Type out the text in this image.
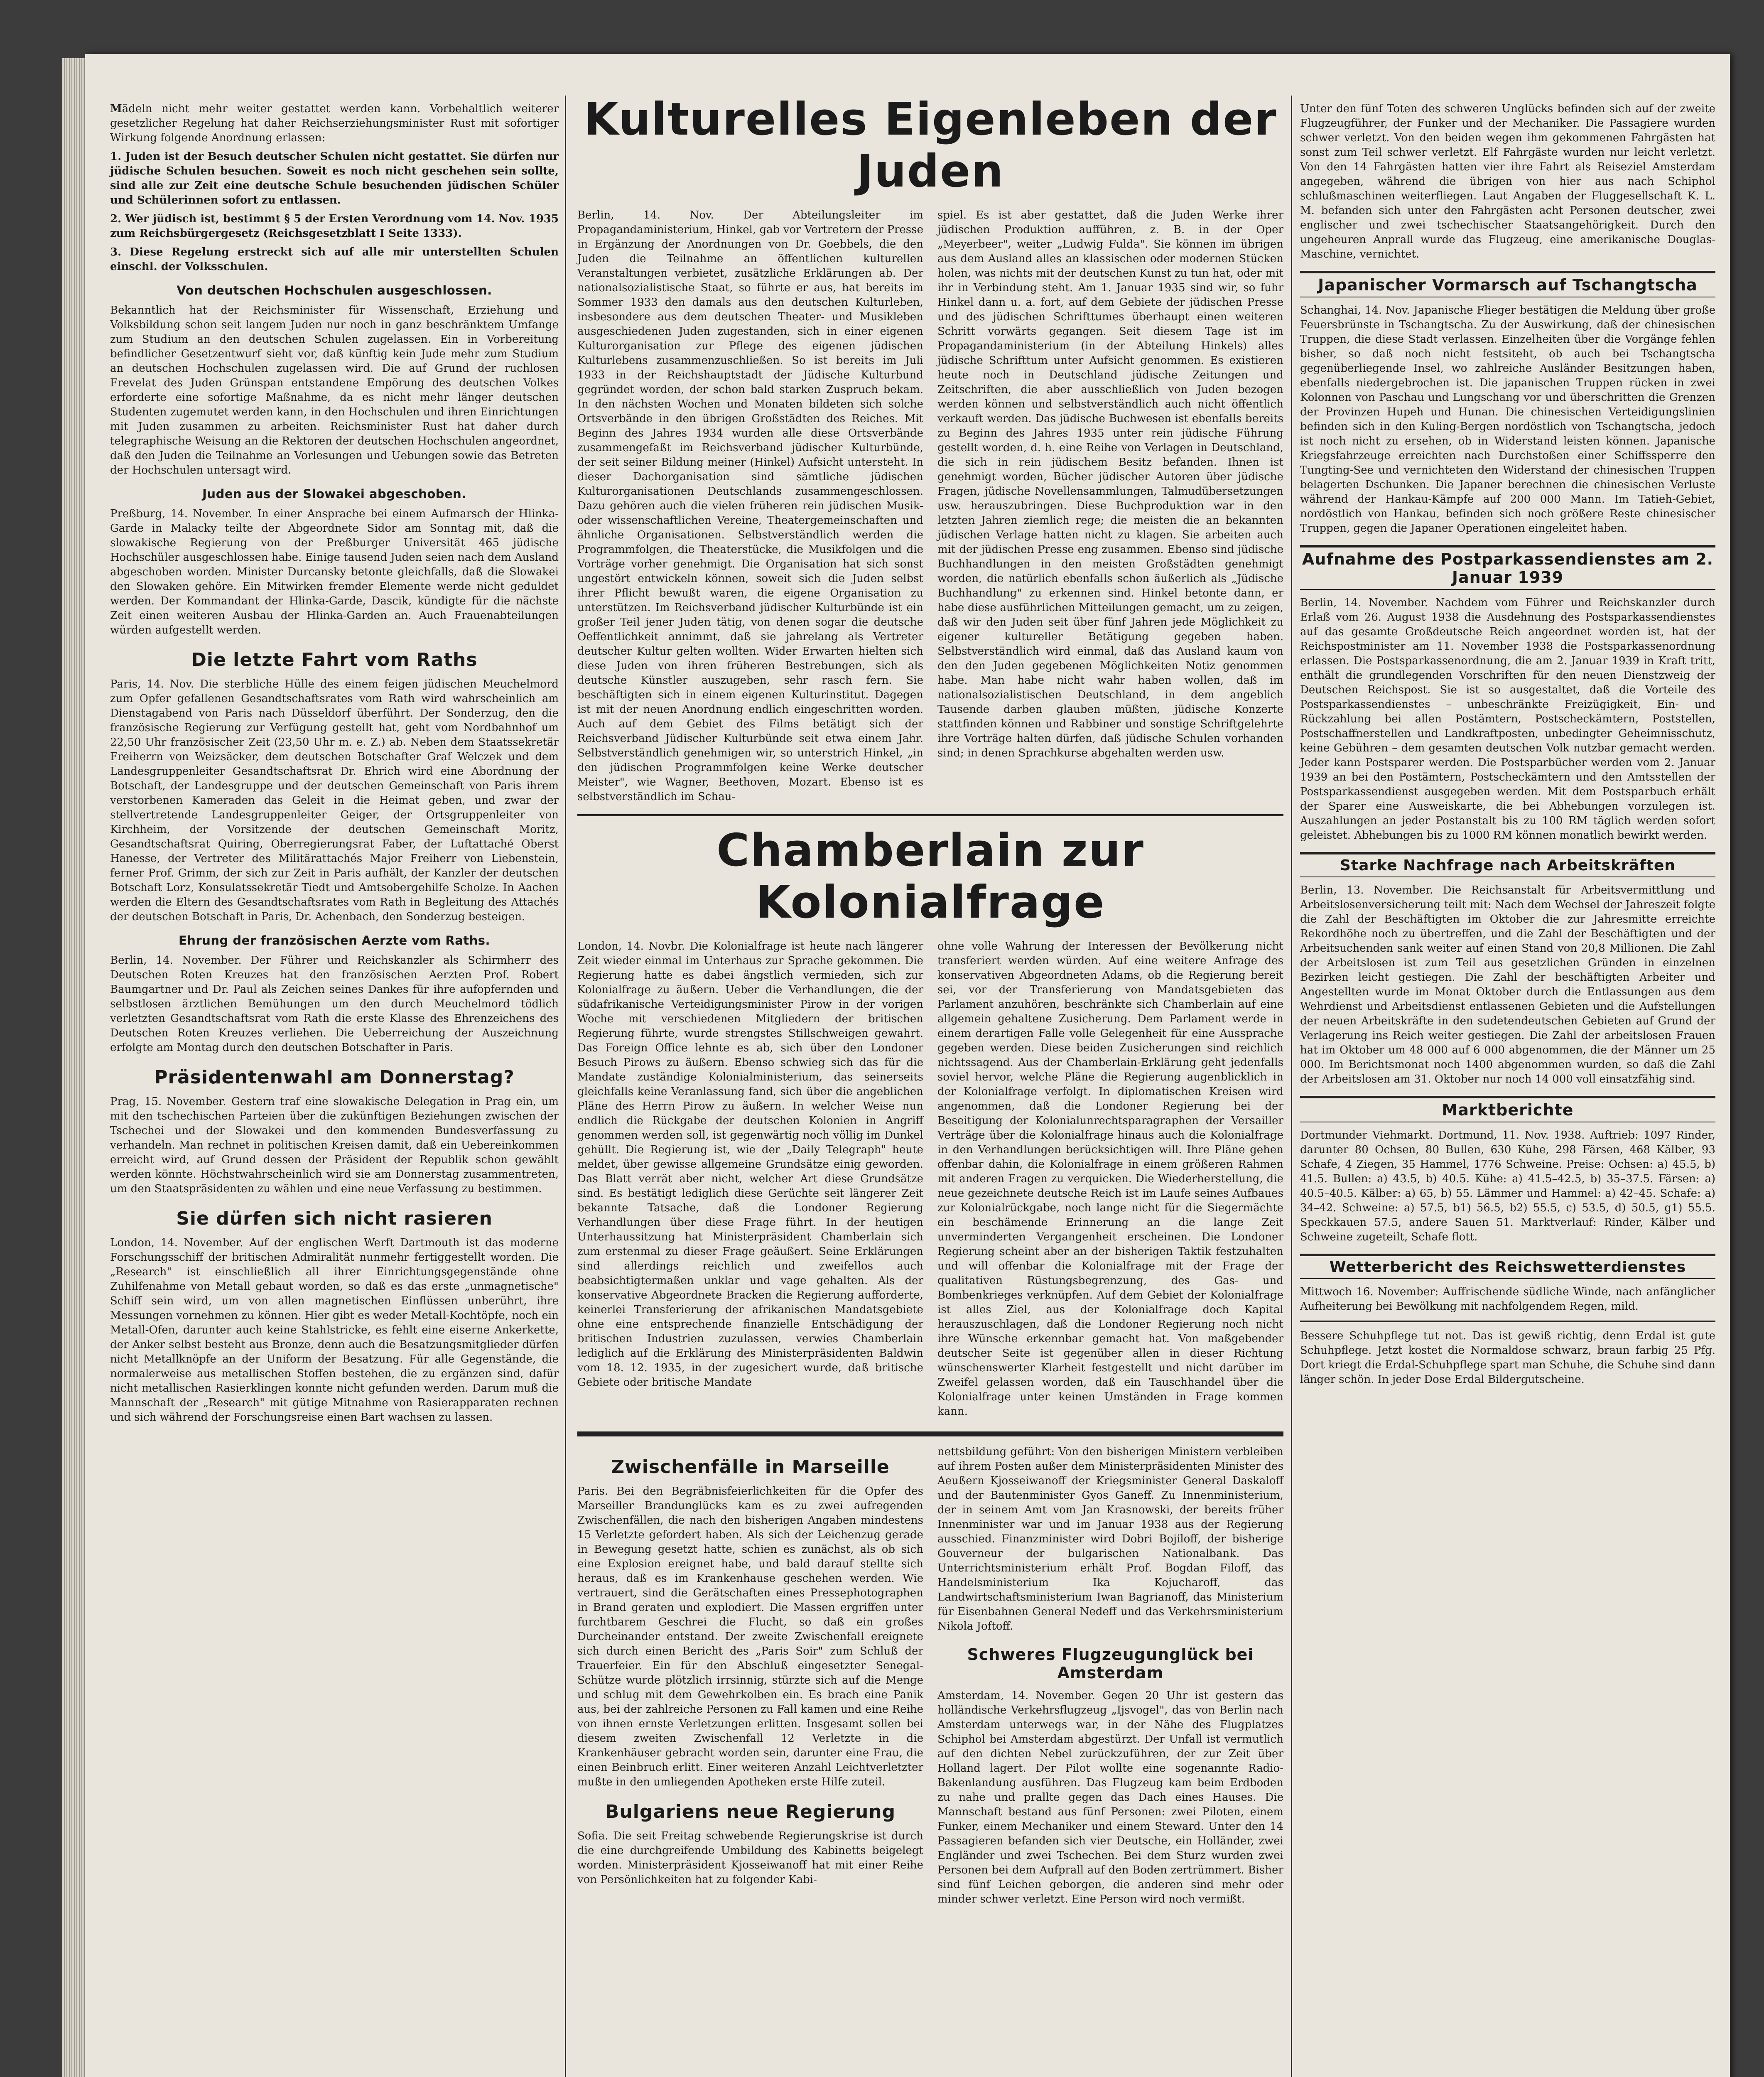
Mädeln nicht mehr weiter gestattet werden kann. Vorbehaltlich weiterer gesetzlicher Regelung hat daher Reichserziehungsminister Rust mit sofortiger Wirkung folgende Anordnung erlassen:

1. Juden ist der Besuch deutscher Schulen nicht gestattet. Sie dürfen nur jüdische Schulen besuchen. Soweit es noch nicht geschehen sein sollte, sind alle zur Zeit eine deutsche Schule besuchenden jüdischen Schüler und Schülerinnen sofort zu entlassen.

2. Wer jüdisch ist, bestimmt § 5 der Ersten Verordnung vom 14. Nov. 1935 zum Reichsbürgergesetz (Reichsgesetzblatt I Seite 1333).

3. Diese Regelung erstreckt sich auf alle mir unterstellten Schulen einschl. der Volksschulen.

Von deutschen Hochschulen ausgeschlossen.

Bekanntlich hat der Reichsminister für Wissenschaft, Erziehung und Volksbildung schon seit langem Juden nur noch in ganz beschränktem Umfange zum Studium an den deutschen Schulen zugelassen. Ein in Vorbereitung befindlicher Gesetzentwurf sieht vor, daß künftig kein Jude mehr zum Studium an deutschen Hochschulen zugelassen wird. Die auf Grund der ruchlosen Frevelat des Juden Grünspan entstandene Empörung des deutschen Volkes erforderte eine sofortige Maßnahme, da es nicht mehr länger deutschen Studenten zugemutet werden kann, in den Hochschulen und ihren Einrichtungen mit Juden zusammen zu arbeiten. Reichsminister Rust hat daher durch telegraphische Weisung an die Rektoren der deutschen Hochschulen angeordnet, daß den Juden die Teilnahme an Vorlesungen und Uebungen sowie das Betreten der Hochschulen untersagt wird.

Juden aus der Slowakei abgeschoben.

Preßburg, 14. November. In einer Ansprache bei einem Aufmarsch der Hlinka-Garde in Malacky teilte der Abgeordnete Sidor am Sonntag mit, daß die slowakische Regierung von der Preßburger Universität 465 jüdische Hochschüler ausgeschlossen habe. Einige tausend Juden seien nach dem Ausland abgeschoben worden. Minister Durcansky betonte gleichfalls, daß die Slowakei den Slowaken gehöre. Ein Mitwirken fremder Elemente werde nicht geduldet werden. Der Kommandant der Hlinka-Garde, Dascik, kündigte für die nächste Zeit einen weiteren Ausbau der Hlinka-Garden an. Auch Frauenabteilungen würden aufgestellt werden.

Die letzte Fahrt vom Raths

Paris, 14. Nov. Die sterbliche Hülle des einem feigen jüdischen Meuchelmord zum Opfer gefallenen Gesandtschaftsrates vom Rath wird wahrscheinlich am Dienstagabend von Paris nach Düsseldorf überführt. Der Sonderzug, den die französische Regierung zur Verfügung gestellt hat, geht vom Nordbahnhof um 22,50 Uhr französischer Zeit (23,50 Uhr m. e. Z.) ab. Neben dem Staatssekretär Freiherrn von Weizsäcker, dem deutschen Botschafter Graf Welczek und dem Landesgruppenleiter Gesandtschaftsrat Dr. Ehrich wird eine Abordnung der Botschaft, der Landesgruppe und der deutschen Gemeinschaft von Paris ihrem verstorbenen Kameraden das Geleit in die Heimat geben, und zwar der stellvertretende Landesgruppenleiter Geiger, der Ortsgruppenleiter von Kirchheim, der Vorsitzende der deutschen Gemeinschaft Moritz, Gesandtschaftsrat Quiring, Oberregierungsrat Faber, der Luftattaché Oberst Hanesse, der Vertreter des Militärattachés Major Freiherr von Liebenstein, ferner Prof. Grimm, der sich zur Zeit in Paris aufhält, der Kanzler der deutschen Botschaft Lorz, Konsulatssekretär Tiedt und Amtsobergehilfe Scholze. In Aachen werden die Eltern des Gesandtschaftsrates vom Rath in Begleitung des Attachés der deutschen Botschaft in Paris, Dr. Achenbach, den Sonderzug besteigen.

Ehrung der französischen Aerzte vom Raths.

Berlin, 14. November. Der Führer und Reichskanzler als Schirmherr des Deutschen Roten Kreuzes hat den französischen Aerzten Prof. Robert Baumgartner und Dr. Paul als Zeichen seines Dankes für ihre aufopfernden und selbstlosen ärztlichen Bemühungen um den durch Meuchelmord tödlich verletzten Gesandtschaftsrat vom Rath die erste Klasse des Ehrenzeichens des Deutschen Roten Kreuzes verliehen. Die Ueberreichung der Auszeichnung erfolgte am Montag durch den deutschen Botschafter in Paris.

Präsidentenwahl am Donnerstag?

Prag, 15. November. Gestern traf eine slowakische Delegation in Prag ein, um mit den tschechischen Parteien über die zukünftigen Beziehungen zwischen der Tschechei und der Slowakei und den kommenden Bundesverfassung zu verhandeln. Man rechnet in politischen Kreisen damit, daß ein Uebereinkommen erreicht wird, auf Grund dessen der Präsident der Republik schon gewählt werden könnte. Höchstwahrscheinlich wird sie am Donnerstag zusammentreten, um den Staatspräsidenten zu wählen und eine neue Verfassung zu bestimmen.

Sie dürfen sich nicht rasieren

London, 14. November. Auf der englischen Werft Dartmouth ist das moderne Forschungsschiff der britischen Admiralität nunmehr fertiggestellt worden. Die „Research" ist einschließlich all ihrer Einrichtungsgegenstände ohne Zuhilfenahme von Metall gebaut worden, so daß es das erste „unmagnetische" Schiff sein wird, um von allen magnetischen Einflüssen unberührt, ihre Messungen vornehmen zu können. Hier gibt es weder Metall-Kochtöpfe, noch ein Metall-Ofen, darunter auch keine Stahlstricke, es fehlt eine eiserne Ankerkette, der Anker selbst besteht aus Bronze, denn auch die Besatzungsmitglieder dürfen nicht Metallknöpfe an der Uniform der Besatzung. Für alle Gegenstände, die normalerweise aus metallischen Stoffen bestehen, die zu ergänzen sind, dafür nicht metallischen Rasierklingen konnte nicht gefunden werden. Darum muß die Mannschaft der „Research" mit gütige Mitnahme von Rasierapparaten rechnen und sich während der Forschungsreise einen Bart wachsen zu lassen.

Kulturelles Eigenleben der Juden

Berlin, 14. Nov. Der Abteilungsleiter im Propagandaministerium, Hinkel, gab vor Vertretern der Presse in Ergänzung der Anordnungen von Dr. Goebbels, die den Juden die Teilnahme an öffentlichen kulturellen Veranstaltungen verbietet, zusätzliche Erklärungen ab. Der nationalsozialistische Staat, so führte er aus, hat bereits im Sommer 1933 den damals aus den deutschen Kulturleben, insbesondere aus dem deutschen Theater- und Musikleben ausgeschiedenen Juden zugestanden, sich in einer eigenen Kulturorganisation zur Pflege des eigenen jüdischen Kulturlebens zusammenzuschließen. So ist bereits im Juli 1933 in der Reichshauptstadt der Jüdische Kulturbund gegründet worden, der schon bald starken Zuspruch bekam. In den nächsten Wochen und Monaten bildeten sich solche Ortsverbände in den übrigen Großstädten des Reiches. Mit Beginn des Jahres 1934 wurden alle diese Ortsverbände zusammengefaßt im Reichsverband jüdischer Kulturbünde, der seit seiner Bildung meiner (Hinkel) Aufsicht untersteht. In dieser Dachorganisation sind sämtliche jüdischen Kulturorganisationen Deutschlands zusammengeschlossen. Dazu gehören auch die vielen früheren rein jüdischen Musik- oder wissenschaftlichen Vereine, Theatergemeinschaften und ähnliche Organisationen. Selbstverständlich werden die Programmfolgen, die Theaterstücke, die Musikfolgen und die Vorträge vorher genehmigt. Die Organisation hat sich sonst ungestört entwickeln können, soweit sich die Juden selbst ihrer Pflicht bewußt waren, die eigene Organisation zu unterstützen. Im Reichsverband jüdischer Kulturbünde ist ein großer Teil jener Juden tätig, von denen sogar die deutsche Oeffentlichkeit annimmt, daß sie jahrelang als Vertreter deutscher Kultur gelten wollten. Wider Erwarten hielten sich diese Juden von ihren früheren Bestrebungen, sich als deutsche Künstler auszugeben, sehr rasch fern. Sie beschäftigten sich in einem eigenen Kulturinstitut. Dagegen ist mit der neuen Anordnung endlich eingeschritten worden. Auch auf dem Gebiet des Films betätigt sich der Reichsverband Jüdischer Kulturbünde seit etwa einem Jahr. Selbstverständlich genehmigen wir, so unterstrich Hinkel, „in den jüdischen Programmfolgen keine Werke deutscher Meister", wie Wagner, Beethoven, Mozart. Ebenso ist es selbstverständlich im Schau-

spiel. Es ist aber gestattet, daß die Juden Werke ihrer jüdischen Produktion aufführen, z. B. in der Oper „Meyerbeer", weiter „Ludwig Fulda". Sie können im übrigen aus dem Ausland alles an klassischen oder modernen Stücken holen, was nichts mit der deutschen Kunst zu tun hat, oder mit ihr in Verbindung steht. Am 1. Januar 1935 sind wir, so fuhr Hinkel dann u. a. fort, auf dem Gebiete der jüdischen Presse und des jüdischen Schrifttumes überhaupt einen weiteren Schritt vorwärts gegangen. Seit diesem Tage ist im Propagandaministerium (in der Abteilung Hinkels) alles jüdische Schrifttum unter Aufsicht genommen. Es existieren heute noch in Deutschland jüdische Zeitungen und Zeitschriften, die aber ausschließlich von Juden bezogen werden können und selbstverständlich auch nicht öffentlich verkauft werden. Das jüdische Buchwesen ist ebenfalls bereits zu Beginn des Jahres 1935 unter rein jüdische Führung gestellt worden, d. h. eine Reihe von Verlagen in Deutschland, die sich in rein jüdischem Besitz befanden. Ihnen ist genehmigt worden, Bücher jüdischer Autoren über jüdische Fragen, jüdische Novellensammlungen, Talmudübersetzungen usw. herauszubringen. Diese Buchproduktion war in den letzten Jahren ziemlich rege; die meisten die an bekannten jüdischen Verlage hatten nicht zu klagen. Sie arbeiten auch mit der jüdischen Presse eng zusammen. Ebenso sind jüdische Buchhandlungen in den meisten Großstädten genehmigt worden, die natürlich ebenfalls schon äußerlich als „Jüdische Buchhandlung" zu erkennen sind. Hinkel betonte dann, er habe diese ausführlichen Mitteilungen gemacht, um zu zeigen, daß wir den Juden seit über fünf Jahren jede Möglichkeit zu eigener kultureller Betätigung gegeben haben. Selbstverständlich wird einmal, daß das Ausland kaum von den den Juden gegebenen Möglichkeiten Notiz genommen habe. Man habe nicht wahr haben wollen, daß im nationalsozialistischen Deutschland, in dem angeblich Tausende darben glauben müßten, jüdische Konzerte stattfinden können und Rabbiner und sonstige Schriftgelehrte ihre Vorträge halten dürfen, daß jüdische Schulen vorhanden sind; in denen Sprachkurse abgehalten werden usw.

Chamberlain zur Kolonialfrage

London, 14. Novbr. Die Kolonialfrage ist heute nach längerer Zeit wieder einmal im Unterhaus zur Sprache gekommen. Die Regierung hatte es dabei ängstlich vermieden, sich zur Kolonialfrage zu äußern. Ueber die Verhandlungen, die der südafrikanische Verteidigungsminister Pirow in der vorigen Woche mit verschiedenen Mitgliedern der britischen Regierung führte, wurde strengstes Stillschweigen gewahrt. Das Foreign Office lehnte es ab, sich über den Londoner Besuch Pirows zu äußern. Ebenso schwieg sich das für die Mandate zuständige Kolonialministerium, das seinerseits gleichfalls keine Veranlassung fand, sich über die angeblichen Pläne des Herrn Pirow zu äußern. In welcher Weise nun endlich die Rückgabe der deutschen Kolonien in Angriff genommen werden soll, ist gegenwärtig noch völlig im Dunkel gehüllt. Die Regierung ist, wie der „Daily Telegraph" heute meldet, über gewisse allgemeine Grundsätze einig geworden. Das Blatt verrät aber nicht, welcher Art diese Grundsätze sind. Es bestätigt lediglich diese Gerüchte seit längerer Zeit bekannte Tatsache, daß die Londoner Regierung Verhandlungen über diese Frage führt. In der heutigen Unterhaussitzung hat Ministerpräsident Chamberlain sich zum erstenmal zu dieser Frage geäußert. Seine Erklärungen sind allerdings reichlich und zweifellos auch beabsichtigtermaßen unklar und vage gehalten. Als der konservative Abgeordnete Bracken die Regierung aufforderte, keinerlei Transferierung der afrikanischen Mandatsgebiete ohne eine entsprechende finanzielle Entschädigung der britischen Industrien zuzulassen, verwies Chamberlain lediglich auf die Erklärung des Ministerpräsidenten Baldwin vom 18. 12. 1935, in der zugesichert wurde, daß britische Gebiete oder britische Mandate

ohne volle Wahrung der Interessen der Bevölkerung nicht transferiert werden würden. Auf eine weitere Anfrage des konservativen Abgeordneten Adams, ob die Regierung bereit sei, vor der Transferierung von Mandatsgebieten das Parlament anzuhören, beschränkte sich Chamberlain auf eine allgemein gehaltene Zusicherung. Dem Parlament werde in einem derartigen Falle volle Gelegenheit für eine Aussprache gegeben werden. Diese beiden Zusicherungen sind reichlich nichtssagend. Aus der Chamberlain-Erklärung geht jedenfalls soviel hervor, welche Pläne die Regierung augenblicklich in der Kolonialfrage verfolgt. In diplomatischen Kreisen wird angenommen, daß die Londoner Regierung bei der Beseitigung der Kolonialunrechtsparagraphen der Versailler Verträge über die Kolonialfrage hinaus auch die Kolonialfrage in den Verhandlungen berücksichtigen will. Ihre Pläne gehen offenbar dahin, die Kolonialfrage in einem größeren Rahmen mit anderen Fragen zu verquicken. Die Wiederherstellung, die neue gezeichnete deutsche Reich ist im Laufe seines Aufbaues zur Kolonialrückgabe, noch lange nicht für die Siegermächte ein beschämende Erinnerung an die lange Zeit unverminderten Vergangenheit erscheinen. Die Londoner Regierung scheint aber an der bisherigen Taktik festzuhalten und will offenbar die Kolonialfrage mit der Frage der qualitativen Rüstungsbegrenzung, des Gas- und Bombenkrieges verknüpfen. Auf dem Gebiet der Kolonialfrage ist alles Ziel, aus der Kolonialfrage doch Kapital herauszuschlagen, daß die Londoner Regierung noch nicht ihre Wünsche erkennbar gemacht hat. Von maßgebender deutscher Seite ist gegenüber allen in dieser Richtung wünschenswerter Klarheit festgestellt und nicht darüber im Zweifel gelassen worden, daß ein Tauschhandel über die Kolonialfrage unter keinen Umständen in Frage kommen kann.

Zwischenfälle in Marseille

Paris. Bei den Begräbnisfeierlichkeiten für die Opfer des Marseiller Brandunglücks kam es zu zwei aufregenden Zwischenfällen, die nach den bisherigen Angaben mindestens 15 Verletzte gefordert haben. Als sich der Leichenzug gerade in Bewegung gesetzt hatte, schien es zunächst, als ob sich eine Explosion ereignet habe, und bald darauf stellte sich heraus, daß es im Krankenhause geschehen werden. Wie vertrauert, sind die Gerätschaften eines Pressephotographen in Brand geraten und explodiert. Die Massen ergriffen unter furchtbarem Geschrei die Flucht, so daß ein großes Durcheinander entstand. Der zweite Zwischenfall ereignete sich durch einen Bericht des „Paris Soir" zum Schluß der Trauerfeier. Ein für den Abschluß eingesetzter Senegal-Schütze wurde plötzlich irrsinnig, stürzte sich auf die Menge und schlug mit dem Gewehrkolben ein. Es brach eine Panik aus, bei der zahlreiche Personen zu Fall kamen und eine Reihe von ihnen ernste Verletzungen erlitten. Insgesamt sollen bei diesem zweiten Zwischenfall 12 Verletzte in die Krankenhäuser gebracht worden sein, darunter eine Frau, die einen Beinbruch erlitt. Einer weiteren Anzahl Leichtverletzter mußte in den umliegenden Apotheken erste Hilfe zuteil.

Bulgariens neue Regierung

Sofia. Die seit Freitag schwebende Regierungskrise ist durch die eine durchgreifende Umbildung des Kabinetts beigelegt worden. Ministerpräsident Kjosseiwanoff hat mit einer Reihe von Persönlichkeiten hat zu folgender Kabi-

nettsbildung geführt: Von den bisherigen Ministern verbleiben auf ihrem Posten außer dem Ministerpräsidenten Minister des Aeußern Kjosseiwanoff der Kriegsminister General Daskaloff und der Bautenminister Gyos Ganeff. Zu Innenministerium, der in seinem Amt vom Jan Krasnowski, der bereits früher Innenminister war und im Januar 1938 aus der Regierung ausschied. Finanzminister wird Dobri Bojiloff, der bisherige Gouverneur der bulgarischen Nationalbank. Das Unterrichtsministerium erhält Prof. Bogdan Filoff, das Handelsministerium Ika Kojucharoff, das Landwirtschaftsministerium Iwan Bagrianoff, das Ministerium für Eisenbahnen General Nedeff und das Verkehrsministerium Nikola Joftoff.

Schweres Flugzeugunglück bei Amsterdam

Amsterdam, 14. November. Gegen 20 Uhr ist gestern das holländische Verkehrsflugzeug „Ijsvogel", das von Berlin nach Amsterdam unterwegs war, in der Nähe des Flugplatzes Schiphol bei Amsterdam abgestürzt. Der Unfall ist vermutlich auf den dichten Nebel zurückzuführen, der zur Zeit über Holland lagert. Der Pilot wollte eine sogenannte Radio-Bakenlandung ausführen. Das Flugzeug kam beim Erdboden zu nahe und prallte gegen das Dach eines Hauses. Die Mannschaft bestand aus fünf Personen: zwei Piloten, einem Funker, einem Mechaniker und einem Steward. Unter den 14 Passagieren befanden sich vier Deutsche, ein Holländer, zwei Engländer und zwei Tschechen. Bei dem Sturz wurden zwei Personen bei dem Aufprall auf den Boden zertrümmert. Bisher sind fünf Leichen geborgen, die anderen sind mehr oder minder schwer verletzt. Eine Person wird noch vermißt.

Unter den fünf Toten des schweren Unglücks befinden sich auf der zweite Flugzeugführer, der Funker und der Mechaniker. Die Passagiere wurden schwer verletzt. Von den beiden wegen ihm gekommenen Fahrgästen hat sonst zum Teil schwer verletzt. Elf Fahrgäste wurden nur leicht verletzt. Von den 14 Fahrgästen hatten vier ihre Fahrt als Reiseziel Amsterdam angegeben, während die übrigen von hier aus nach Schiphol schlußmaschinen weiterfliegen. Laut Angaben der Fluggesellschaft K. L. M. befanden sich unter den Fahrgästen acht Personen deutscher, zwei englischer und zwei tschechischer Staatsangehörigkeit. Durch den ungeheuren Anprall wurde das Flugzeug, eine amerikanische Douglas-Maschine, vernichtet.

Japanischer Vormarsch auf Tschangtscha

Schanghai, 14. Nov. Japanische Flieger bestätigen die Meldung über große Feuersbrünste in Tschangtscha. Zu der Auswirkung, daß der chinesischen Truppen, die diese Stadt verlassen. Einzelheiten über die Vorgänge fehlen bisher, so daß noch nicht festsiteht, ob auch bei Tschangtscha gegenüberliegende Insel, wo zahlreiche Ausländer Besitzungen haben, ebenfalls niedergebrochen ist. Die japanischen Truppen rücken in zwei Kolonnen von Paschau und Lungschang vor und überschritten die Grenzen der Provinzen Hupeh und Hunan. Die chinesischen Verteidigungslinien befinden sich in den Kuling-Bergen nordöstlich von Tschangtscha, jedoch ist noch nicht zu ersehen, ob in Widerstand leisten können. Japanische Kriegsfahrzeuge erreichten nach Durchstoßen einer Schiffssperre den Tungting-See und vernichteten den Widerstand der chinesischen Truppen belagerten Dschunken. Die Japaner berechnen die chinesischen Verluste während der Hankau-Kämpfe auf 200 000 Mann. Im Tatieh-Gebiet, nordöstlich von Hankau, befinden sich noch größere Reste chinesischer Truppen, gegen die Japaner Operationen eingeleitet haben.

Aufnahme des Postparkassendienstes am 2. Januar 1939

Berlin, 14. November. Nachdem vom Führer und Reichskanzler durch Erlaß vom 26. August 1938 die Ausdehnung des Postsparkassendienstes auf das gesamte Großdeutsche Reich angeordnet worden ist, hat der Reichspostminister am 11. November 1938 die Postsparkassenordnung erlassen. Die Postsparkassenordnung, die am 2. Januar 1939 in Kraft tritt, enthält die grundlegenden Vorschriften für den neuen Dienstzweig der Deutschen Reichspost. Sie ist so ausgestaltet, daß die Vorteile des Postsparkassendienstes – unbeschränkte Freizügigkeit, Ein- und Rückzahlung bei allen Postämtern, Postscheckämtern, Poststellen, Postschaffnerstellen und Landkraftposten, unbedingter Geheimnisschutz, keine Gebühren – dem gesamten deutschen Volk nutzbar gemacht werden. Jeder kann Postsparer werden. Die Postsparbücher werden vom 2. Januar 1939 an bei den Postämtern, Postscheckämtern und den Amtsstellen der Postsparkassendienst ausgegeben werden. Mit dem Postsparbuch erhält der Sparer eine Ausweiskarte, die bei Abhebungen vorzulegen ist. Auszahlungen an jeder Postanstalt bis zu 100 RM täglich werden sofort geleistet. Abhebungen bis zu 1000 RM können monatlich bewirkt werden.

Starke Nachfrage nach Arbeitskräften

Berlin, 13. November. Die Reichsanstalt für Arbeitsvermittlung und Arbeitslosenversicherung teilt mit: Nach dem Wechsel der Jahreszeit folgte die Zahl der Beschäftigten im Oktober die zur Jahresmitte erreichte Rekordhöhe noch zu übertreffen, und die Zahl der Beschäftigten und der Arbeitsuchenden sank weiter auf einen Stand von 20,8 Millionen. Die Zahl der Arbeitslosen ist zum Teil aus gesetzlichen Gründen in einzelnen Bezirken leicht gestiegen. Die Zahl der beschäftigten Arbeiter und Angestellten wurde im Monat Oktober durch die Entlassungen aus dem Wehrdienst und Arbeitsdienst entlassenen Gebieten und die Aufstellungen der neuen Arbeitskräfte in den sudetendeutschen Gebieten auf Grund der Verlagerung ins Reich weiter gestiegen. Die Zahl der arbeitslosen Frauen hat im Oktober um 48 000 auf 6 000 abgenommen, die der Männer um 25 000. Im Berichtsmonat noch 1400 abgenommen wurden, so daß die Zahl der Arbeitslosen am 31. Oktober nur noch 14 000 voll einsatzfähig sind.

Marktberichte

Dortmunder Viehmarkt. Dortmund, 11. Nov. 1938. Auftrieb: 1097 Rinder, darunter 80 Ochsen, 80 Bullen, 630 Kühe, 298 Färsen, 468 Kälber, 93 Schafe, 4 Ziegen, 35 Hammel, 1776 Schweine. Preise: Ochsen: a) 45.5, b) 41.5. Bullen: a) 43.5, b) 40.5. Kühe: a) 41.5–42.5, b) 35–37.5. Färsen: a) 40.5–40.5. Kälber: a) 65, b) 55. Lämmer und Hammel: a) 42–45. Schafe: a) 34–42. Schweine: a) 57.5, b1) 56.5, b2) 55.5, c) 53.5, d) 50.5, g1) 55.5. Speckkauen 57.5, andere Sauen 51. Marktverlauf: Rinder, Kälber und Schweine zugeteilt, Schafe flott.

Wetterbericht des Reichswetterdienstes

Mittwoch 16. November: Auffrischende südliche Winde, nach anfänglicher Aufheiterung bei Bewölkung mit nachfolgendem Regen, mild.

Bessere Schuhpflege tut not. Das ist gewiß richtig, denn Erdal ist gute Schuhpflege. Jetzt kostet die Normaldose schwarz, braun farbig 25 Pfg. Dort kriegt die Erdal-Schuhpflege spart man Schuhe, die Schuhe sind dann länger schön. In jeder Dose Erdal Bildergutscheine.
